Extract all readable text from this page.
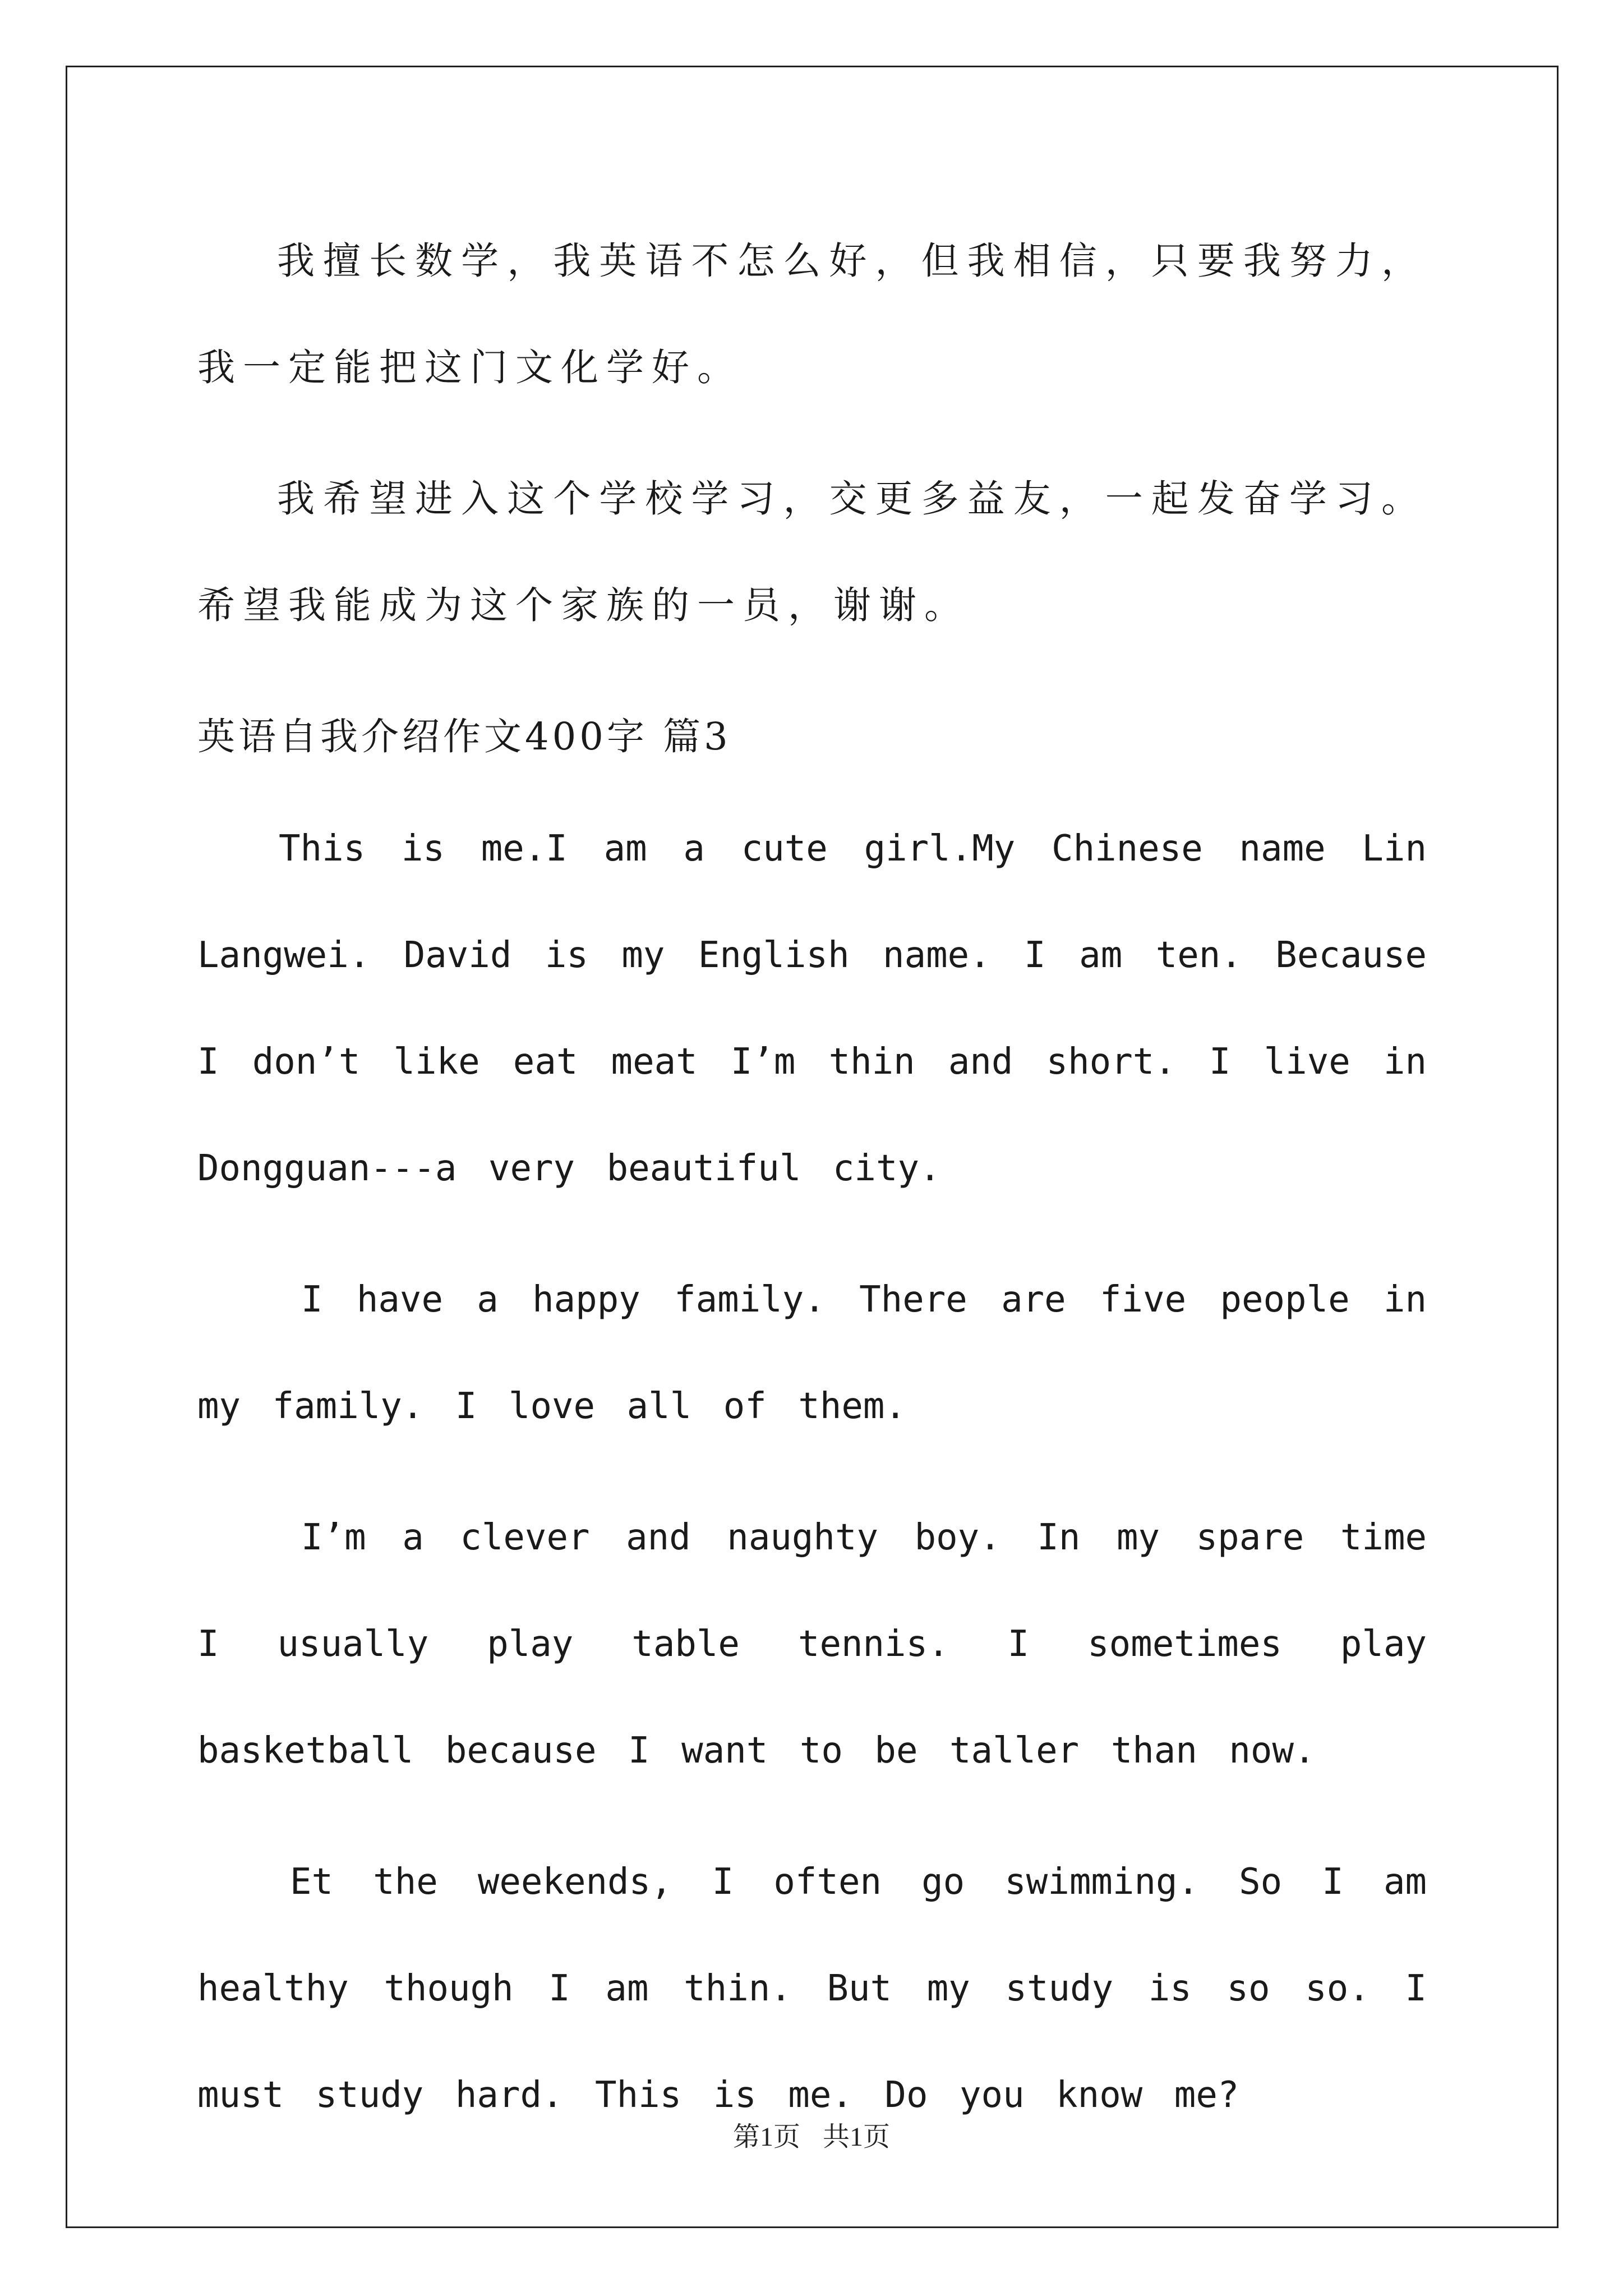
我擅长数学，我英语不怎么好，但我相信，只要我努力，我一定能把这门文化学好。

我希望进入这个学校学习，交更多益友，一起发奋学习。希望我能成为这个家族的一员，谢谢。

英语自我介绍作文400字 篇3

This is me.I am a cute girl.My Chinese name Lin Langwei. David is my English name. I am ten. Because I don’t like eat meat I’m thin and short. I live in Dongguan---a very beautiful city.

I have a happy family. There are five people in my family. I love all of them.

I’m a clever and naughty boy. In my spare time I usually play table tennis. I sometimes play basketball because I want to be taller than now.

Et the weekends, I often go swimming. So I am healthy though I am thin. But my study is so so. I must study hard. This is me. Do you know me?

第1页 共1页
